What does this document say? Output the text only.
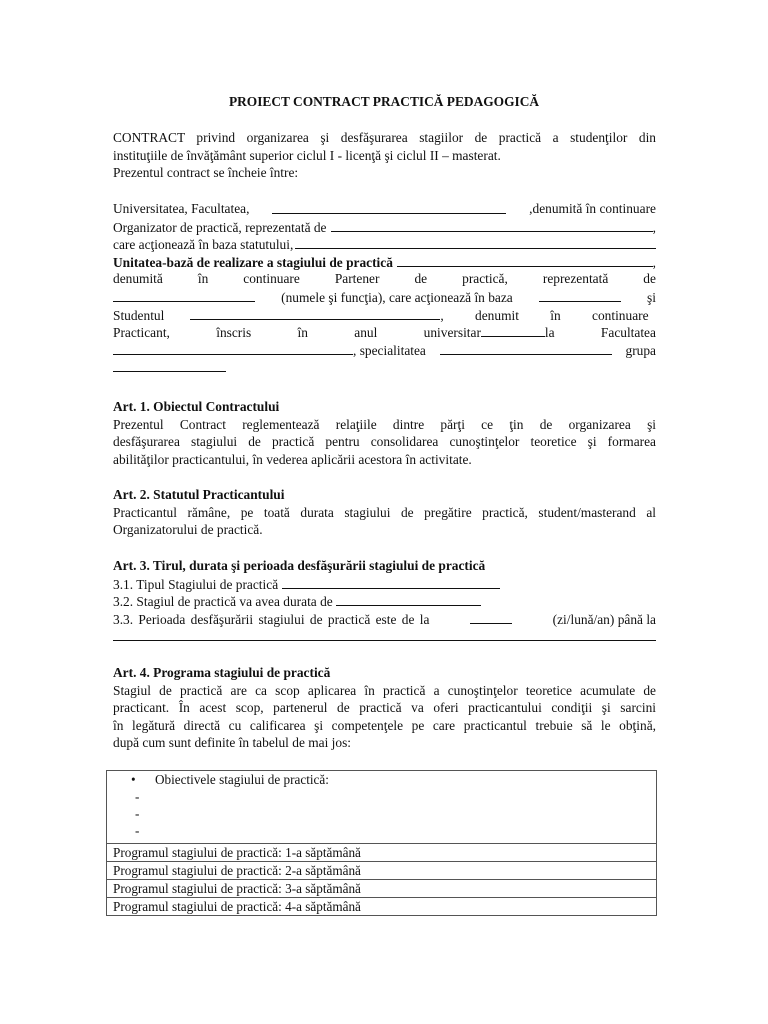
PROIECT CONTRACT PRACTICĂ PEDAGOGICĂ
CONTRACT privind organizarea şi desfăşurarea stagiilor de practică a studenţilor din
instituţiile de învăţământ superior ciclul I - licenţă şi ciclul II – masterat.
Prezentul contract se încheie între:
Universitatea, Facultatea,	,denumită în continuare
Organizator de practică, reprezentată de	,
care acţionează în baza statutului,
Unitatea-bază de realizare a stagiului de practică	,
denumită	în	continuare	Partener	de	practică,	reprezentată	de
(numele şi funcţia), care acţionează în baza	şi
Studentul	, denumit în continuare
Practicant,	înscris	în	anul	universitar	la	Facultatea
, specialitatea	grupa
Art. 1. Obiectul Contractului
Prezentul Contract reglementează relaţiile dintre părţi ce ţin de organizarea şi
desfăşurarea stagiului de practică pentru consolidarea cunoştinţelor teoretice şi formarea
abilităţilor practicantului, în vederea aplicării acestora în activitate.
Art. 2. Statutul Practicantului
Practicantul rămâne, pe toată durata stagiului de pregătire practică, student/masterand al
Organizatorului de practică.
Art. 3. Tirul, durata şi perioada desfăşurării stagiului de practică
3.1. Tipul Stagiului de practică
3.2. Stagiul de practică va avea durata de
3.3. Perioada desfăşurării stagiului de practică este de la	(zi/lună/an) până la
Art. 4. Programa stagiului de practică
Stagiul de practică are ca scop aplicarea în practică a cunoştinţelor teoretice acumulate de
practicant. În acest scop, partenerul de practică va oferi practicantului condiţii şi sarcini
în legătură directă cu calificarea şi competenţele pe care practicantul trebuie să le obţină,
după cum sunt definite în tabelul de mai jos:
•	Obiectivele stagiului de practică:
-
-
-

Programul stagiului de practică: 1-a săptămână
Programul stagiului de practică: 2-a săptămână
Programul stagiului de practică: 3-a săptămână
Programul stagiului de practică: 4-a săptămână
